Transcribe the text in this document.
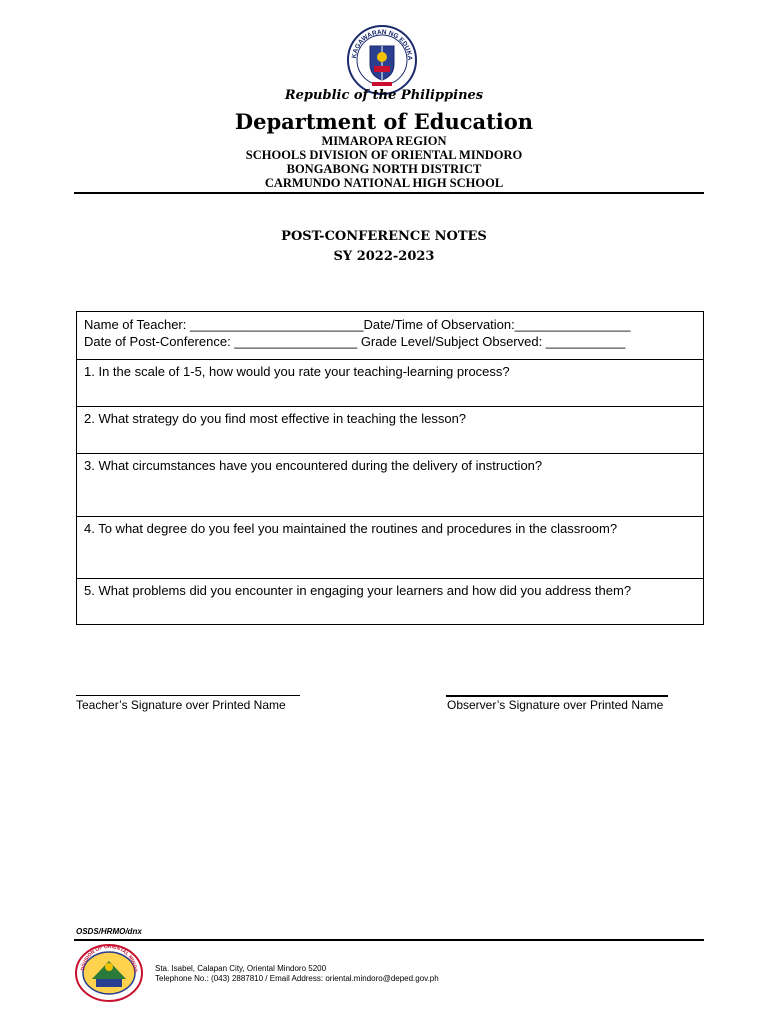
KAGAWARAN NG EDUKA
Republic of the Philippines
Department of Education
MIMAROPA REGION
SCHOOLS DIVISION OF ORIENTAL MINDORO
BONGABONG NORTH DISTRICT
CARMUNDO NATIONAL HIGH SCHOOL
POST-CONFERENCE NOTES
SY 2022-2023
Name of Teacher: ________________________Date/Time of Observation:________________
Date of Post-Conference: _________________ Grade Level/Subject Observed: ___________
1. In the scale of 1-5, how would you rate your teaching-learning process?
2. What strategy do you find most effective in teaching the lesson?
3. What circumstances have you encountered during the delivery of instruction?
4. To what degree do you feel you maintained the routines and procedures in the classroom?
5. What problems did you encounter in engaging your learners and how did you address them?
Teacher’s Signature over Printed Name	Observer’s Signature over Printed Name
OSDS/HRMO/dnx
DIVISION OF ORIENTAL MINDO Sta. Isabel, Calapan City, Oriental Mindoro 5200
Telephone No.: (043) 2887810 / Email Address: oriental.mindoro@deped.gov.ph
